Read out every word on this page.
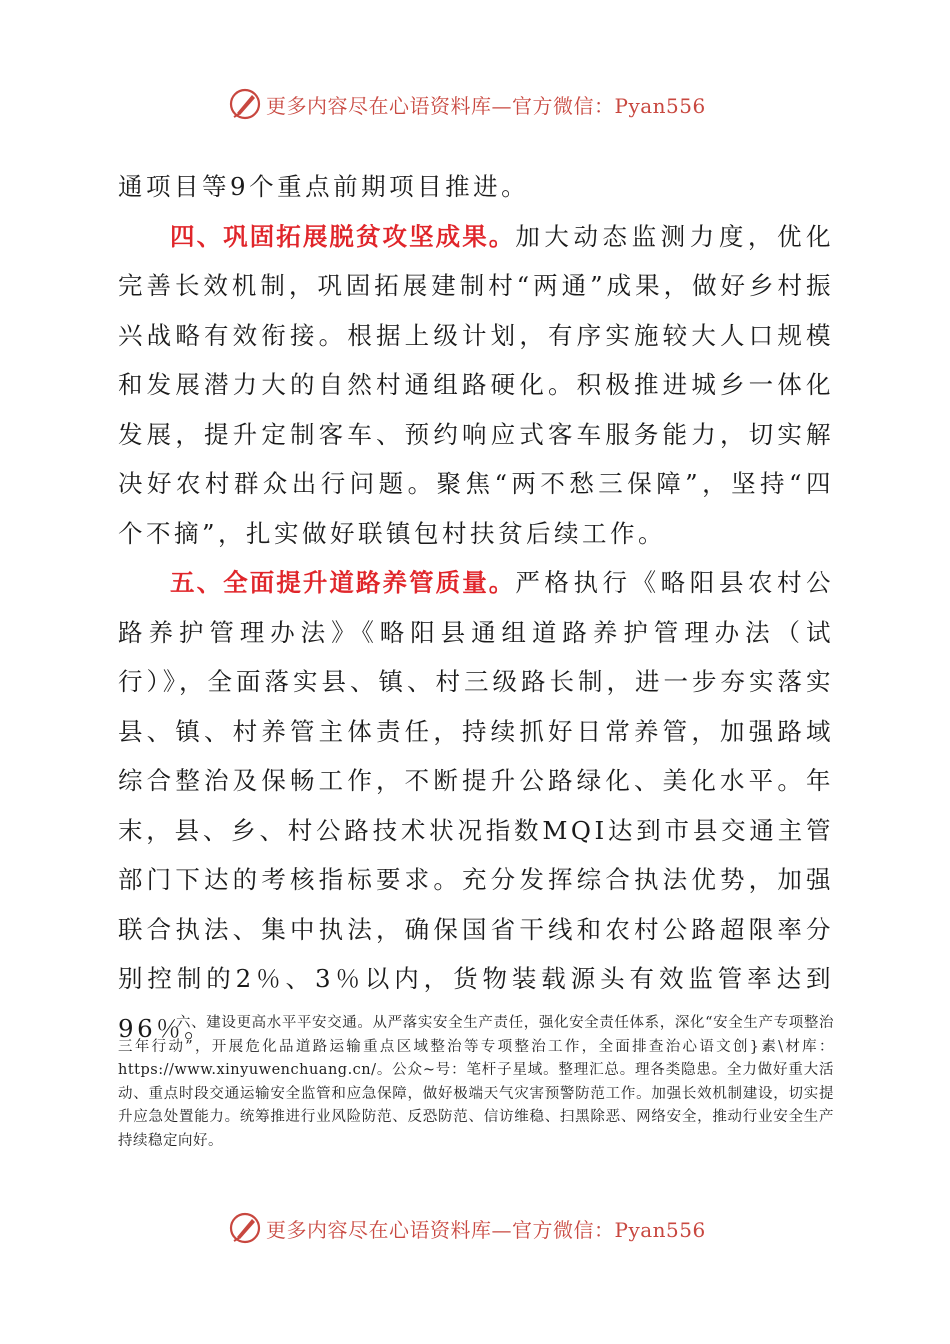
更多内容尽在心语资料库—官方微信：Pyan556

通项目等9个重点前期项目推进。

四、巩固拓展脱贫攻坚成果。加大动态监测力度，优化完善长效机制，巩固拓展建制村“两通”成果，做好乡村振兴战略有效衔接。根据上级计划，有序实施较大人口规模和发展潜力大的自然村通组路硬化。积极推进城乡一体化发展，提升定制客车、预约响应式客车服务能力，切实解决好农村群众出行问题。聚焦“两不愁三保障”，坚持“四个不摘”，扎实做好联镇包村扶贫后续工作。

五、全面提升道路养管质量。严格执行《略阳县农村公路养护管理办法》《略阳县通组道路养护管理办法（试行）》，全面落实县、镇、村三级路长制，进一步夯实落实县、镇、村养管主体责任，持续抓好日常养管，加强路域综合整治及保畅工作，不断提升公路绿化、美化水平。年末，县、乡、村公路技术状况指数MQI达到市县交通主管部门下达的考核指标要求。充分发挥综合执法优势，加强联合执法、集中执法，确保国省干线和农村公路超限率分别控制的2％、3％以内，货物装载源头有效监管率达到96％。

六、建设更高水平平安交通。从严落实安全生产责任，强化安全责任体系，深化“安全生产专项整治三年行动”，开展危化品道路运输重点区域整治等专项整治工作，全面排查治心语文创}素\材库：https://www.xinyuwenchuang.cn/。公众~号：笔杆子星域。整理汇总。理各类隐患。全力做好重大活动、重点时段交通运输安全监管和应急保障，做好极端天气灾害预警防范工作。加强长效机制建设，切实提升应急处置能力。统筹推进行业风险防范、反恐防范、信访维稳、扫黑除恶、网络安全，推动行业安全生产持续稳定向好。

更多内容尽在心语资料库—官方微信：Pyan556
